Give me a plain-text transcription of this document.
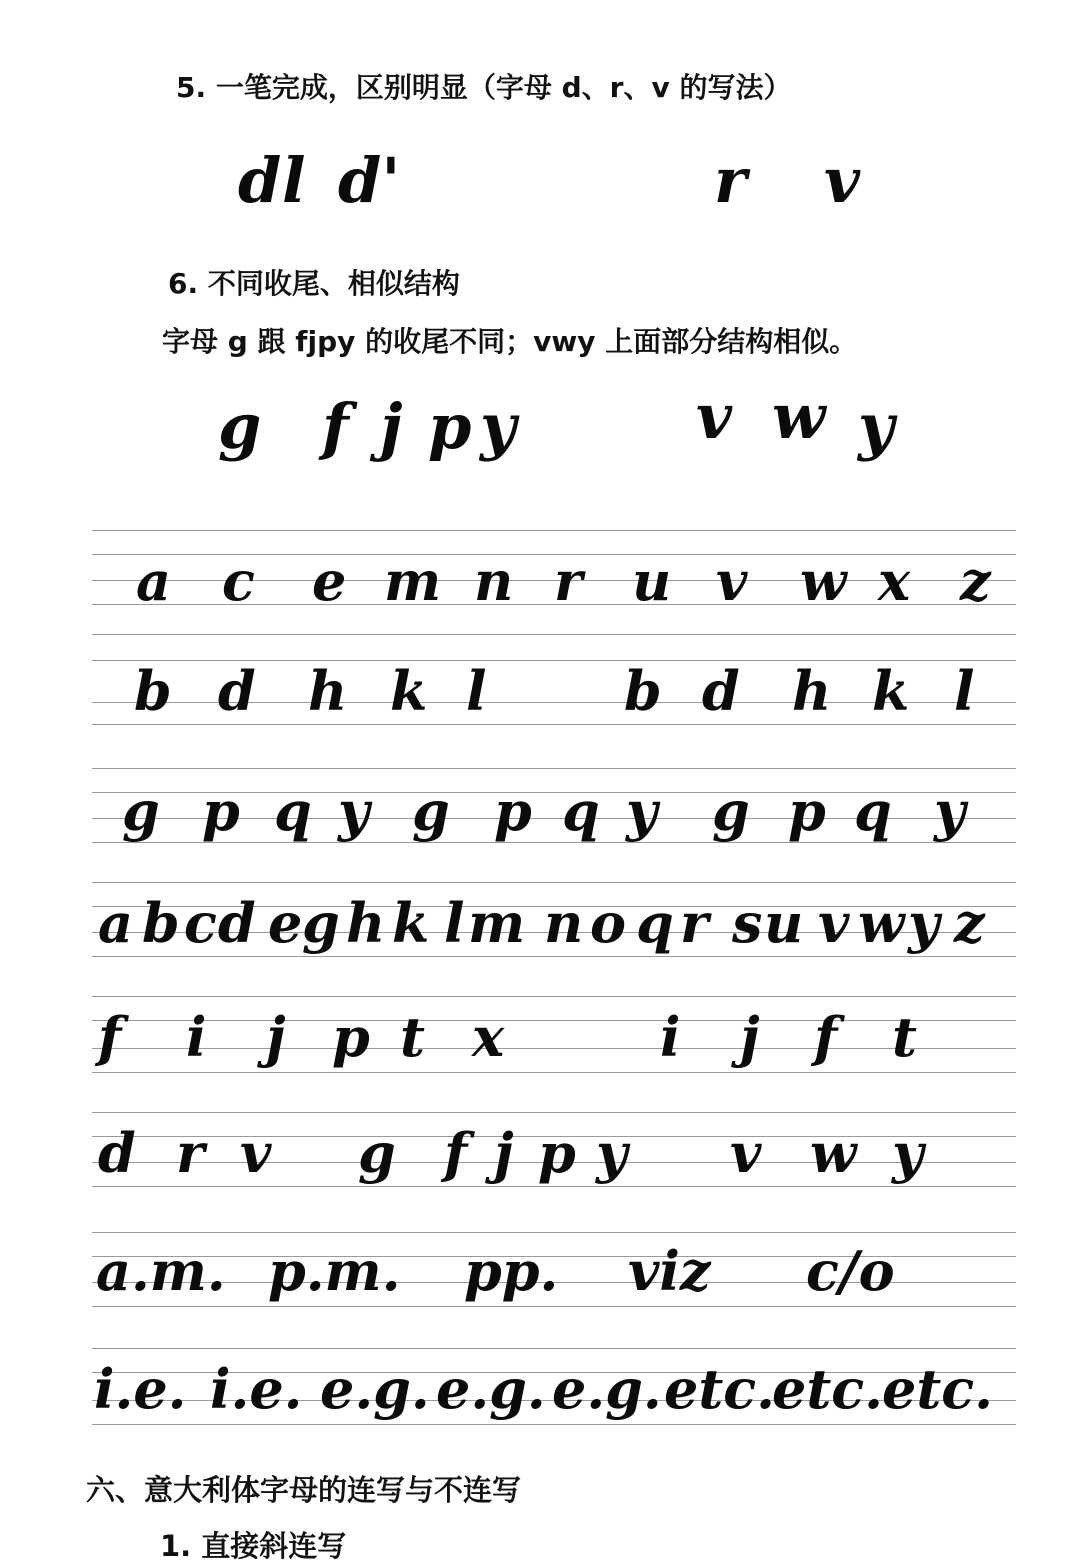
5. 一笔完成，区别明显（字母 d、r、v 的写法）
d l d'	r v
6. 不同收尾、相似结构
字母 g 跟 fjpy 的收尾不同；vwy 上面部分结构相似。
g f j p y	v w y
a c e m n r u v w x z
b d h k l	b d h k l
g p q y g p q y g p q y
a b c d e g h k l m n o q r s u v w y z
f i j p t x	i j f t
d r v g f j p y v w y
a.m. p.m. pp. viz c/o
i.e. i.e. e.g. e.g. e.g. etc.
etc. etc.
六、意大利体字母的连写与不连写
1. 直接斜连写
